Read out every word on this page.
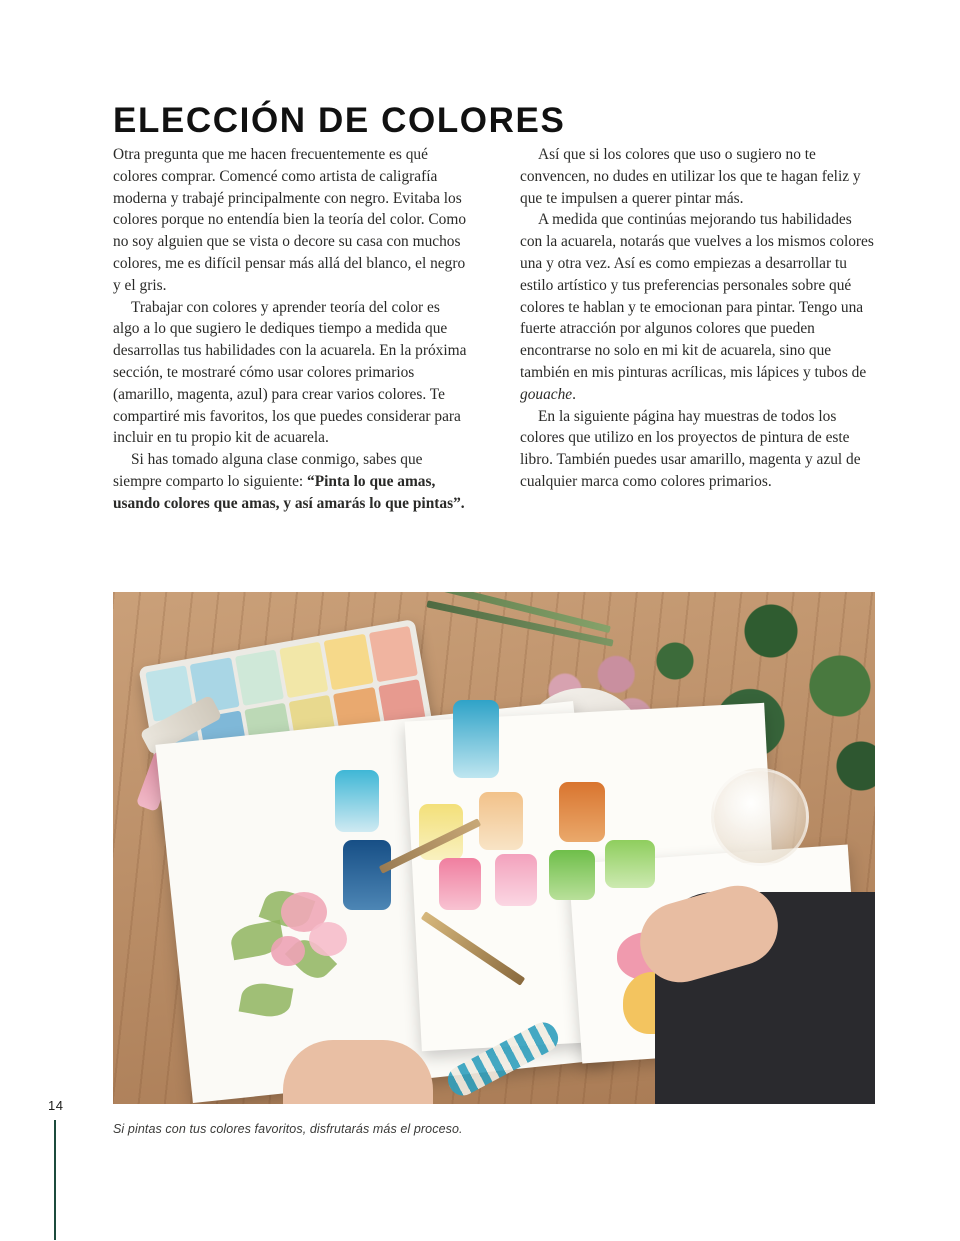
14
ELECCIÓN DE COLORES

Otra pregunta que me hacen frecuentemente es qué colores comprar. Comencé como artista de caligrafía moderna y trabajé principalmente con negro. Evitaba los colores porque no entendía bien la teoría del color. Como no soy alguien que se vista o decore su casa con muchos colores, me es difícil pensar más allá del blanco, el negro y el gris.

Trabajar con colores y aprender teoría del color es algo a lo que sugiero le dediques tiempo a medida que desarrollas tus habilidades con la acuarela. En la próxima sección, te mostraré cómo usar colores primarios (amarillo, magenta, azul) para crear varios colores. Te compartiré mis favoritos, los que puedes considerar para incluir en tu propio kit de acuarela.

Si has tomado alguna clase conmigo, sabes que siempre comparto lo siguiente: “Pinta lo que amas, usando colores que amas, y así amarás lo que pintas”.

Así que si los colores que uso o sugiero no te convencen, no dudes en utilizar los que te hagan feliz y que te impulsen a querer pintar más.

A medida que continúas mejorando tus habilidades con la acuarela, notarás que vuelves a los mismos colores una y otra vez. Así es como empiezas a desarrollar tu estilo artístico y tus preferencias personales sobre qué colores te hablan y te emocionan para pintar. Tengo una fuerte atracción por algunos colores que pueden encontrarse no solo en mi kit de acuarela, sino que también en mis pinturas acrílicas, mis lápices y tubos de gouache.

En la siguiente página hay muestras de todos los colores que utilizo en los proyectos de pintura de este libro. También puedes usar amarillo, magenta y azul de cualquier marca como colores primarios.

Si pintas con tus colores favoritos, disfrutarás más el proceso.
